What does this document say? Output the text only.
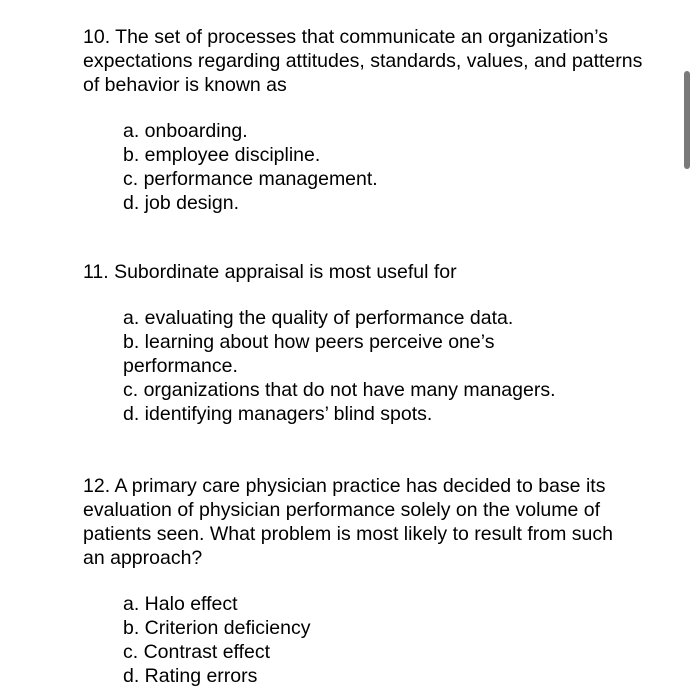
10. The set of processes that communicate an organization’s expectations regarding attitudes, standards, values, and patterns of behavior is known as

a. onboarding.
b. employee discipline.
c. performance management.
d. job design.

11. Subordinate appraisal is most useful for

a. evaluating the quality of performance data.
b. learning about how peers perceive one’s performance.
c. organizations that do not have many managers.
d. identifying managers’ blind spots.

12. A primary care physician practice has decided to base its evaluation of physician performance solely on the volume of patients seen. What problem is most likely to result from such an approach?

a. Halo effect
b. Criterion deficiency
c. Contrast effect
d. Rating errors
